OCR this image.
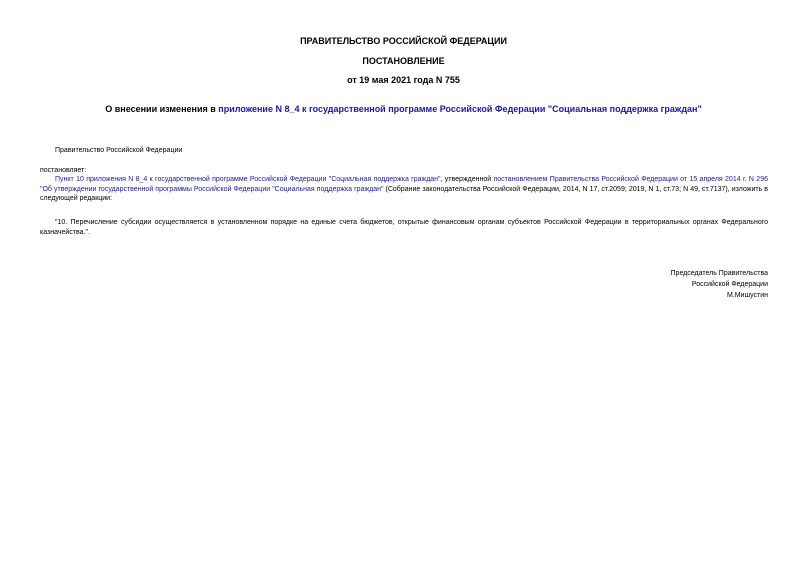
ПРАВИТЕЛЬСТВО РОССИЙСКОЙ ФЕДЕРАЦИИ

ПОСТАНОВЛЕНИЕ

от 19 мая 2021 года N 755

О внесении изменения в приложение N 8_4 к государственной программе Российской Федерации "Социальная поддержка граждан"

Правительство Российской Федерации

постановляет:

Пункт 10 приложения N 8_4 к государственной программе Российской Федерации "Социальная поддержка граждан", утвержденной постановлением Правительства Российской Федерации от 15 апреля 2014 г. N 296 "Об утверждении государственной программы Российской Федерации "Социальная поддержка граждан" (Собрание законодательства Российской Федерации, 2014, N 17, ст.2059; 2019, N 1, ст.73; N 49, ст.7137), изложить в следующей редакции:

"10. Перечисление субсидии осуществляется в установленном порядке на единые счета бюджетов, открытые финансовым органам субъектов Российской Федерации в территориальных органах Федерального казначейства.".

Председатель Правительства

Российской Федерации

М.Мишустин
